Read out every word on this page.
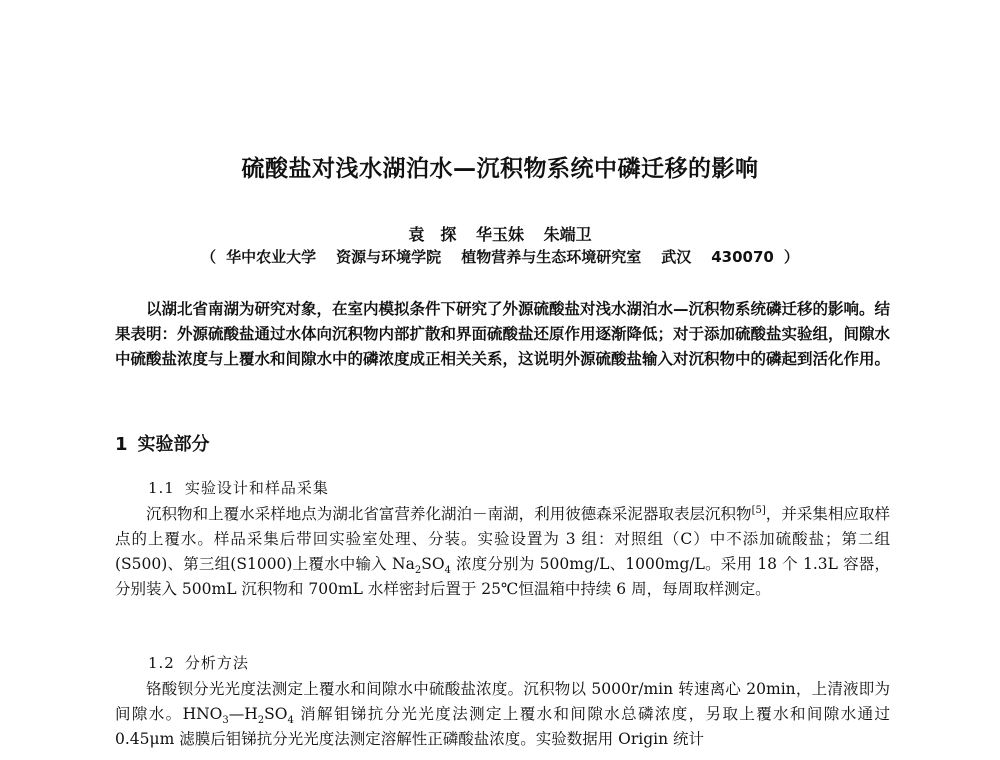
硫酸盐对浅水湖泊水—沉积物系统中磷迁移的影响
袁　探 华玉妹 朱端卫
（ 华中农业大学 资源与环境学院 植物营养与生态环境研究室 武汉 430070 ）
以湖北省南湖为研究对象，在室内模拟条件下研究了外源硫酸盐对浅水湖泊水—沉积物系统磷迁移的影响。结果表明：外源硫酸盐通过水体向沉积物内部扩散和界面硫酸盐还原作用逐渐降低；对于添加硫酸盐实验组，间隙水中硫酸盐浓度与上覆水和间隙水中的磷浓度成正相关关系，这说明外源硫酸盐输入对沉积物中的磷起到活化作用。
1 实验部分
1.1 实验设计和样品采集
沉积物和上覆水采样地点为湖北省富营养化湖泊－南湖，利用彼德森采泥器取表层沉积物[5]，并采集相应取样点的上覆水。样品采集后带回实验室处理、分装。实验设置为 3 组：对照组（C）中不添加硫酸盐；第二组(S500)、第三组(S1000)上覆水中输入 $Na_2SO_4$ 浓度分别为 500mg/L、1000mg/L。采用 18 个 1.3L 容器，分别装入 500mL 沉积物和 700mL 水样密封后置于 25℃恒温箱中持续 6 周，每周取样测定。
1.2 分析方法
铬酸钡分光光度法测定上覆水和间隙水中硫酸盐浓度。沉积物以 5000r/min 转速离心 20min，上清液即为间隙水。$HNO_3—H_2SO_4$ 消解钼锑抗分光光度法测定上覆水和间隙水总磷浓度，另取上覆水和间隙水通过 0.45μm 滤膜后钼锑抗分光光度法测定溶解性正磷酸盐浓度。实验数据用 Origin 统计
